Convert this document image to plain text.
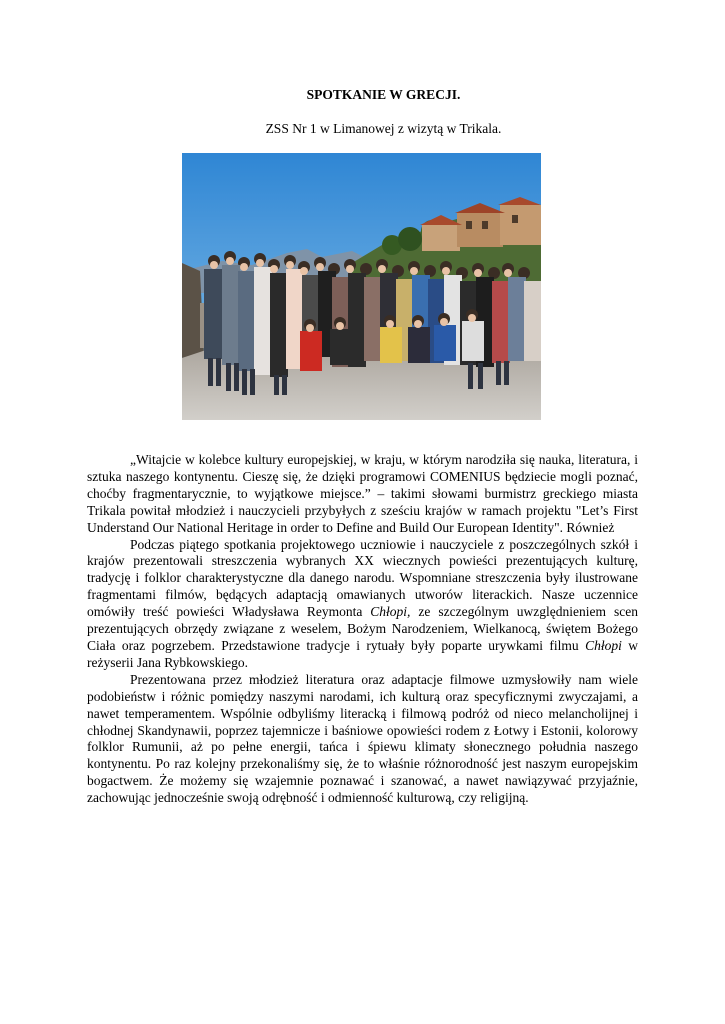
SPOTKANIE W GRECJI.
ZSS Nr 1 w Limanowej z wizytą w Trikala.

„Witajcie w kolebce kultury europejskiej, w kraju, w którym narodziła się nauka, literatura, i sztuka naszego kontynentu. Cieszę się, że dzięki programowi COMENIUS będziecie mogli poznać, choćby fragmentarycznie, to wyjątkowe miejsce.” – takimi słowami burmistrz greckiego miasta Trikala powitał młodzież i nauczycieli przybyłych z sześciu krajów w ramach projektu "Let’s First Understand Our National Heritage in order to Define and Build Our European Identity". Również

Podczas piątego spotkania projektowego uczniowie i nauczyciele z poszczególnych szkół i krajów prezentowali streszczenia wybranych XX wiecznych powieści prezentujących kulturę, tradycję i folklor charakterystyczne dla danego narodu. Wspomniane streszczenia były ilustrowane fragmentami filmów, będących adaptacją omawianych utworów literackich. Nasze uczennice omówiły treść powieści Władysława Reymonta Chłopi, ze szczególnym uwzględnieniem scen prezentujących obrzędy związane z weselem, Bożym Narodzeniem, Wielkanocą, świętem Bożego Ciała oraz pogrzebem. Przedstawione tradycje i rytuały były poparte urywkami filmu Chłopi w reżyserii Jana Rybkowskiego.

Prezentowana przez młodzież literatura oraz adaptacje filmowe uzmysłowiły nam wiele podobieństw i różnic pomiędzy naszymi narodami, ich kulturą oraz specyficznymi zwyczajami, a nawet temperamentem. Wspólnie odbyliśmy literacką i filmową podróż od nieco melancholijnej i chłodnej Skandynawii, poprzez tajemnicze i baśniowe opowieści rodem z Łotwy i Estonii, kolorowy folklor Rumunii, aż po pełne energii, tańca i śpiewu klimaty słonecznego południa naszego kontynentu. Po raz kolejny przekonaliśmy się, że to właśnie różnorodność jest naszym europejskim bogactwem. Że możemy się wzajemnie poznawać i szanować, a nawet nawiązywać przyjaźnie, zachowując jednocześnie swoją odrębność i odmienność kulturową, czy religijną.
